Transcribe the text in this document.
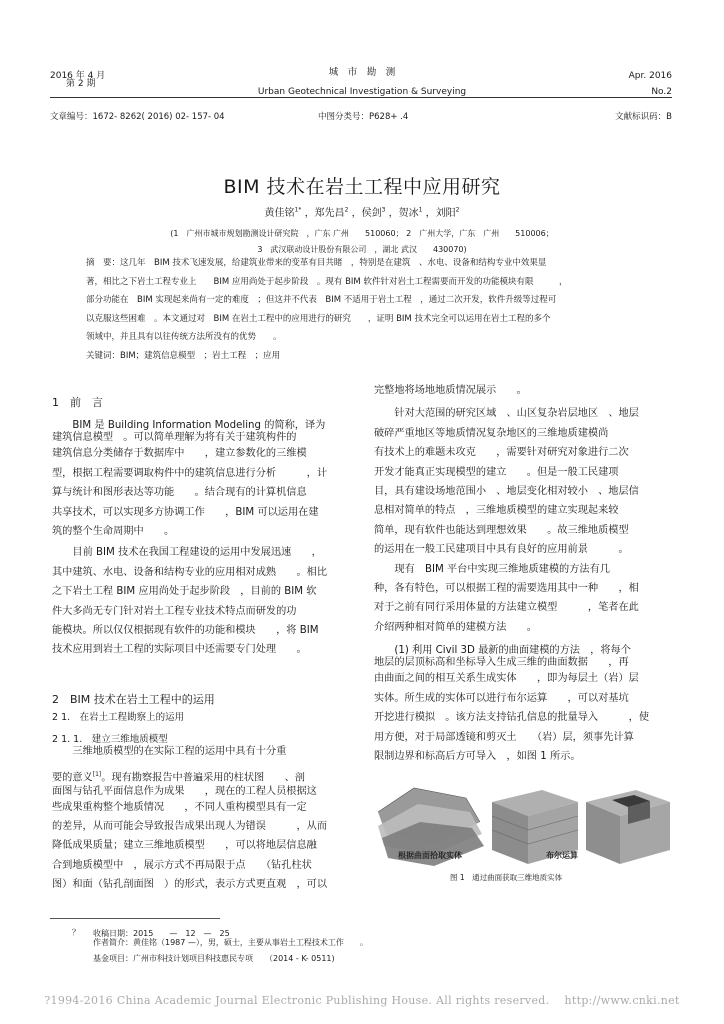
2016 年 4 月
第 2 期
城　市　勘　测
Urban Geotechnical Investigation & Surveying
Apr. 2016
No.2
文章编号：1672- 8262( 2016) 02- 157- 04	中图分类号：P628+ .4	文献标识码：B
BIM 技术在岩土工程中应用研究
黄佳铭$^{1*}$ ，郑先昌$^2$ ，侯剑$^3$ ，贺冰$^1$ ，刘阳$^2$
(1　广州市城市规划勘测设计研究院　，广东 广州　　510060； 2　广州大学，广东　广州　　510006；
3　武汉联动设计股份有限公司　，湖北 武汉　　430070)

摘　要：这几年　BIM 技术飞速发展，给建筑业带来的变革有目共睹　，特别是在建筑　、水电、设备和结构专业中效果显

著，相比之下岩土工程专业上　　BIM 应用尚处于起步阶段　。现有 BIM 软件针对岩土工程需要而开发的功能模块有限　　　，

部分功能在　BIM 实现起来尚有一定的难度　；但这并不代表　BIM 不适用于岩土工程　，通过二次开发，软件升级等过程可

以克服这些困难　。本文通过对　BIM 在岩土工程中的应用进行的研究　　，证明 BIM 技术完全可以运用在岩土工程的多个

领域中，并且具有以往传统方法所没有的优势　　。

关键词：BIM；建筑信息模型　；岩土工程　；应用

1　前　言

BIM 是 Building Information Modeling 的简称，译为

建筑信息模型　。可以简单理解为将有关于建筑构件的

建筑信息分类储存于数据库中　　，建立参数化的三维模

型，根据工程需要调取构件中的建筑信息进行分析　　　，计

算与统计和图形表达等功能　　。结合现有的计算机信息

共享技术，可以实现多方协调工作　　，BIM 可以运用在建

筑的整个生命周期中　　。

目前 BIM 技术在我国工程建设的运用中发展迅速　　，

其中建筑、水电、设备和结构专业的应用相对成熟　　。相比

之下岩土工程 BIM 应用尚处于起步阶段　，目前的 BIM 软

件大多尚无专门针对岩土工程专业技术特点而研发的功

能模块。所以仅仅根据现有软件的功能和模块　　，将 BIM

技术应用到岩土工程的实际项目中还需要专门处理　　。

2　BIM 技术在岩土工程中的运用
2 1.　在岩土工程勘察上的运用
2 1. 1.　建立三维地质模型

三维地质模型的在实际工程的运用中具有十分重

要的意义[1]。现有勘察报告中普遍采用的柱状图　　、剖

面图与钻孔平面信息作为成果　　，现在的工程人员根据这

些成果重构整个地质情况　　，不同人重构模型具有一定

的差异，从而可能会导致报告成果出现人为错误　　　，从而

降低成果质量；建立三维地质模型　　，可以将地层信息融

合到地质模型中　，展示方式不再局限于点　　（钻孔柱状

图）和面（钻孔剖面图　）的形式，表示方式更直观　，可以

完整地将场地地质情况展示　　。

针对大范围的研究区域　、山区复杂岩层地区　、地层

破碎严重地区等地质情况复杂地区的三维地质建模尚

有技术上的难题未攻克　　，需要针对研究对象进行二次

开发才能真正实现模型的建立　　。但是一般工民建项

目，具有建设场地范围小　、地层变化相对较小　、地层信

息相对简单的特点　，三维地质模型的建立实现起来较

简单，现有软件也能达到理想效果　　。故三维地质模型

的运用在一般工民建项目中具有良好的应用前景　　　。

现有　BIM 平台中实现三维地质建模的方法有几

种，各有特色，可以根据工程的需要选用其中一种　　，相

对于之前有同行采用体量的方法建立模型　　　，笔者在此

介绍两种相对简单的建模方法　　。

(1) 利用 Civil 3D 最新的曲面建模的方法　，将每个

地层的层顶标高和坐标导入生成三维的曲面数据　　，再

由曲面之间的相互关系生成实体　　，即为每层土（岩）层

实体。所生成的实体可以进行布尔运算　　，可以对基坑

开挖进行模拟　。该方法支持钻孔信息的批量导入　　　，使

用方便，对于局部透镜和剪灭土　　（岩）层，须事先计算

限制边界和标高后方可导入　，如图 1 所示。

根据曲面拾取实体	布尔运算
图 1　通过曲面获取三维地质实体
？ 收稿日期：2015　　—　12　—　25
作者简介：黄佳铭（1987 —），男，硕士，主要从事岩土工程技术工作　　。
基金项目：广州市科技计划项目科技惠民专项　　（2014 - K- 0511)
?1994-2016 China Academic Journal Electronic Publishing House. All rights reserved.　 http://www.cnki.net
